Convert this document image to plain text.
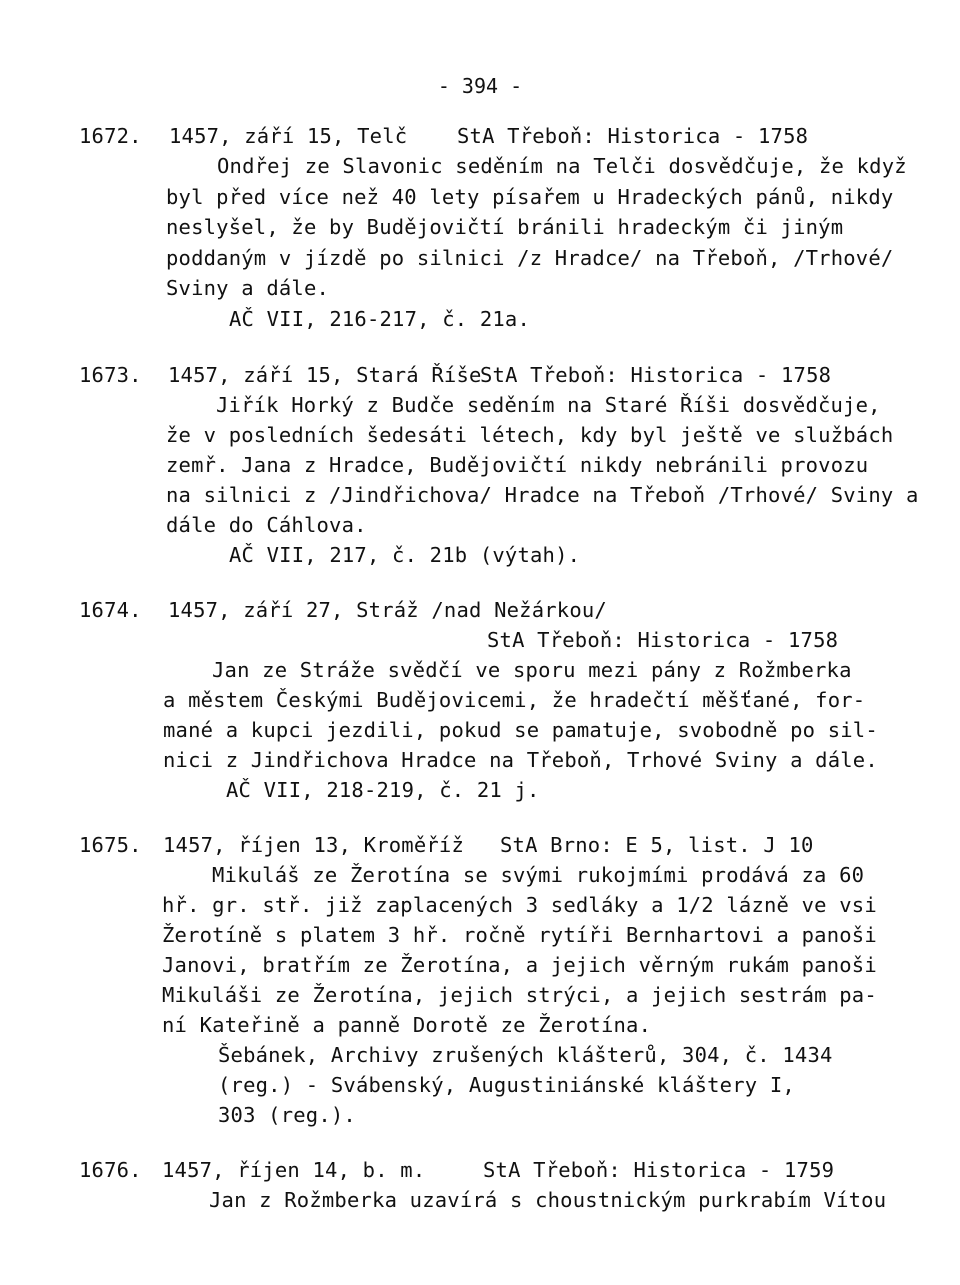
- 394 -
1672. 1457, září 15, Telč StA Třeboň: Historica - 1758
Ondřej ze Slavonic seděním na Telči dosvědčuje, že když
byl před více než 40 lety písařem u Hradeckých pánů, nikdy
neslyšel, že by Budějovičtí bránili hradeckým či jiným
poddaným v jízdě po silnici /z Hradce/ na Třeboň, /Trhové/
Sviny a dále.
AČ VII, 216-217, č. 21a.
1673. 1457, září 15, Stará Říše
StA Třeboň: Historica - 1758
Jiřík Horký z Budče seděním na Staré Říši dosvědčuje,
že v posledních šedesáti létech, kdy byl ještě ve službách
zemř. Jana z Hradce, Budějovičtí nikdy nebránili provozu
na silnici z /Jindřichova/ Hradce na Třeboň /Trhové/ Sviny a
dále do Cáhlova.
AČ VII, 217, č. 21b (výtah).
1674. 1457, září 27, Stráž /nad Nežárkou/
StA Třeboň: Historica - 1758
Jan ze Stráže svědčí ve sporu mezi pány z Rožmberka
a městem Českými Budějovicemi, že hradečtí měšťané, for-
mané a kupci jezdili, pokud se pamatuje, svobodně po sil-
nici z Jindřichova Hradce na Třeboň, Trhové Sviny a dále.
AČ VII, 218-219, č. 21 j.
1675. 1457, říjen 13, Kroměříž StA Brno: E 5, list. J 10
Mikuláš ze Žerotína se svými rukojmími prodává za 60
hř. gr. stř. již zaplacených 3 sedláky a 1/2 lázně ve vsi
Žerotíně s platem 3 hř. ročně rytíři Bernhartovi a panoši
Janovi, bratřím ze Žerotína, a jejich věrným rukám panoši
Mikuláši ze Žerotína, jejich strýci, a jejich sestrám pa-
ní Kateřině a panně Dorotě ze Žerotína.
Šebánek, Archivy zrušených klášterů, 304, č. 1434
(reg.) - Svábenský, Augustiniánské kláštery I,
303 (reg.).
1676. 1457, říjen 14, b. m.	StA Třeboň: Historica - 1759
Jan z Rožmberka uzavírá s choustnickým purkrabím Vítou
